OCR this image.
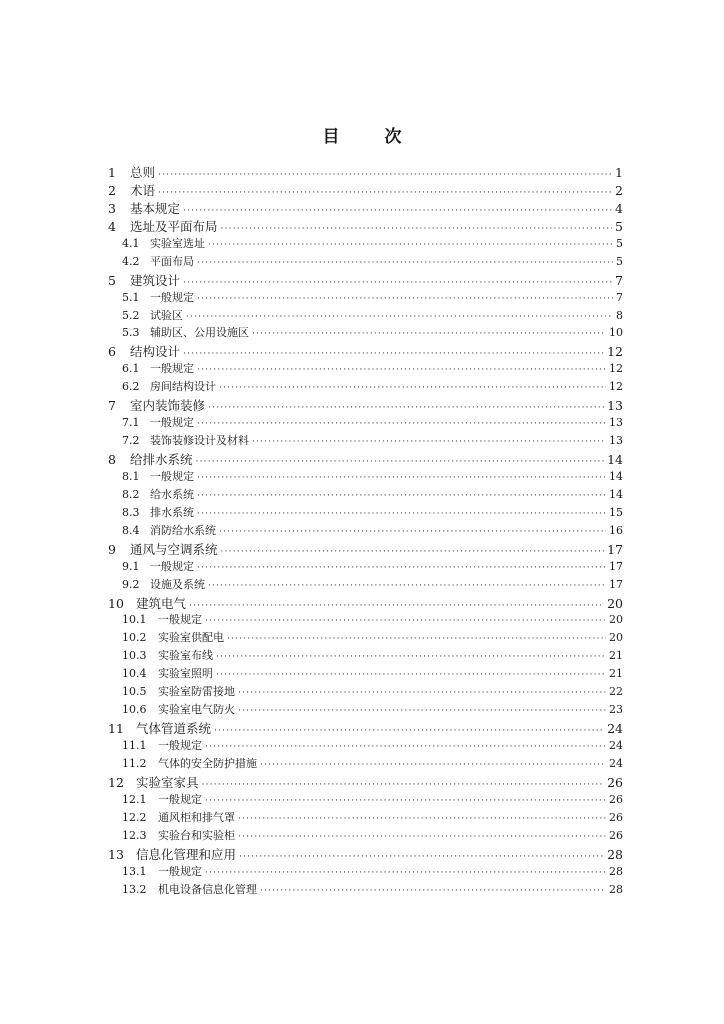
目　次
1	总则 ·····	1
2	术语 ·····	2
3	基本规定 ·····	4
4	选址及平面布局 ·····	5
4.1 实验室选址 ·····	5
4.2 平面布局 ·····	5
5	建筑设计 ·····	7
5.1 一般规定 ·····	7
5.2 试验区 ·····	8
5.3 辅助区、公用设施区 ·····	10
6	结构设计 ·····	12
6.1 一般规定 ·····	12
6.2 房间结构设计 ·····	12
7	室内装饰装修 ·····	13
7.1 一般规定 ·····	13
7.2 装饰装修设计及材料 ·····	13
8	给排水系统 ·····	14
8.1 一般规定 ·····	14
8.2 给水系统 ·····	14
8.3 排水系统 ·····	15
8.4 消防给水系统 ·····	16
9	通风与空调系统 ·····	17
9.1 一般规定 ·····	17
9.2 设施及系统 ·····	17
10 建筑电气 ·····	20
10.1	一般规定 ·····	20
10.2	实验室供配电 ·····	20
10.3	实验室布线 ·····	21
10.4	实验室照明 ·····	21
10.5	实验室防雷接地 ·····	22
10.6	实验室电气防火 ·····	23
11 气体管道系统 ·····	24
11.1	一般规定 ·····	24
11.2	气体的安全防护措施 ·····	24
12 实验室家具 ·····	26
12.1	一般规定 ·····	26
12.2	通风柜和排气罩 ·····	26
12.3	实验台和实验柜 ·····	26
13 信息化管理和应用 ·····	28
13.1	一般规定 ·····	28
13.2	机电设备信息化管理 ·····	28
